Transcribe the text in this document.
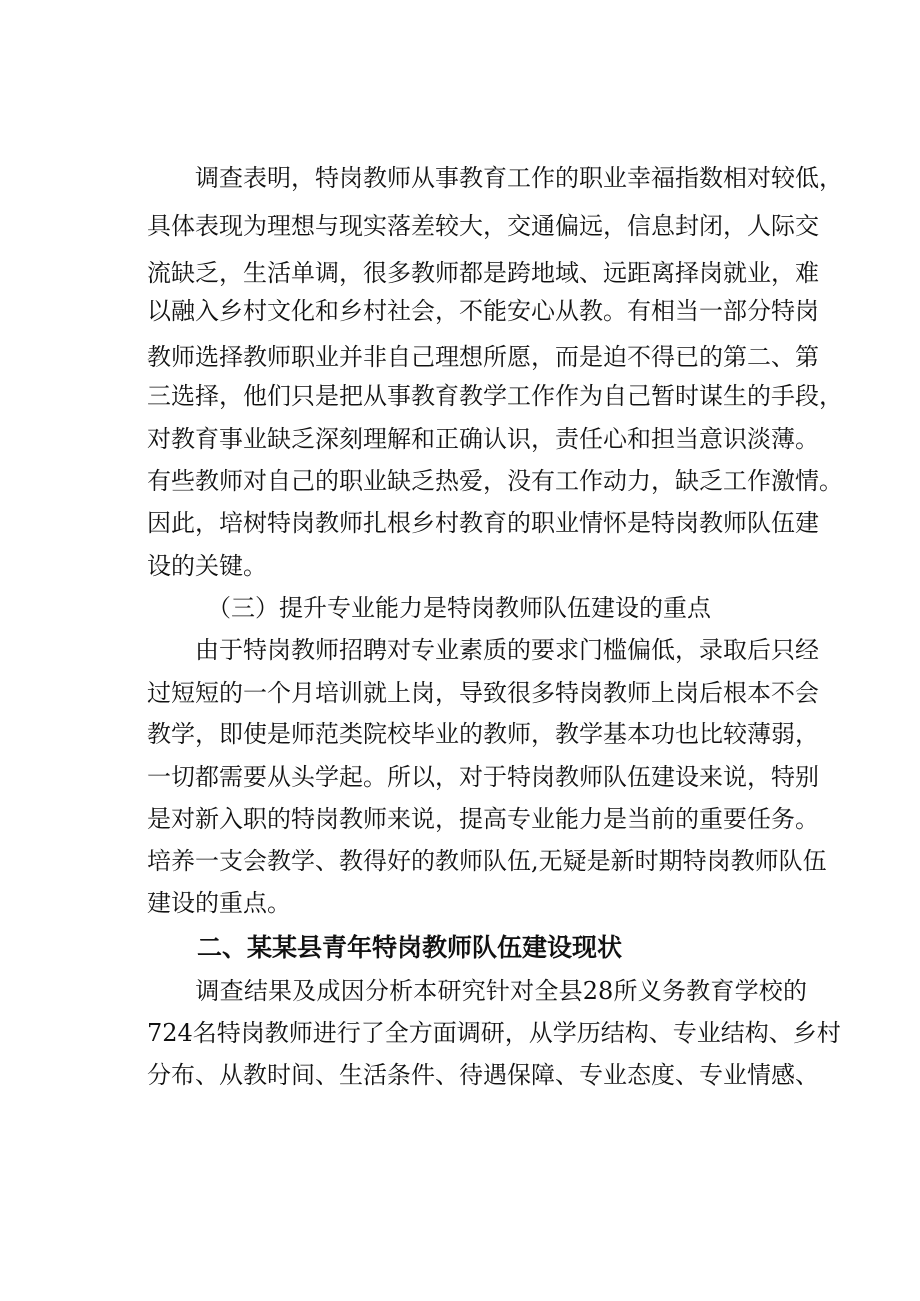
　　调查表明，特岗教师从事教育工作的职业幸福指数相对较低，
具体表现为理想与现实落差较大，交通偏远，信息封闭，人际交
流缺乏，生活单调，很多教师都是跨地域、远距离择岗就业，难
以融入乡村文化和乡村社会，不能安心从教。有相当一部分特岗
教师选择教师职业并非自己理想所愿，而是迫不得已的第二、第
三选择，他们只是把从事教育教学工作作为自己暂时谋生的手段，
对教育事业缺乏深刻理解和正确认识，责任心和担当意识淡薄。
有些教师对自己的职业缺乏热爱，没有工作动力，缺乏工作激情。
因此，培树特岗教师扎根乡村教育的职业情怀是特岗教师队伍建
设的关键。
　　　（三）提升专业能力是特岗教师队伍建设的重点
　　由于特岗教师招聘对专业素质的要求门槛偏低，录取后只经
过短短的一个月培训就上岗，导致很多特岗教师上岗后根本不会
教学，即使是师范类院校毕业的教师，教学基本功也比较薄弱，
一切都需要从头学起。所以，对于特岗教师队伍建设来说，特别
是对新入职的特岗教师来说，提高专业能力是当前的重要任务。
培养一支会教学、教得好的教师队伍,无疑是新时期特岗教师队伍
建设的重点。
二、某某县青年特岗教师队伍建设现状
　　调查结果及成因分析本研究针对全县28所义务教育学校的
724名特岗教师进行了全方面调研，从学历结构、专业结构、乡村
分布、从教时间、生活条件、待遇保障、专业态度、专业情感、
